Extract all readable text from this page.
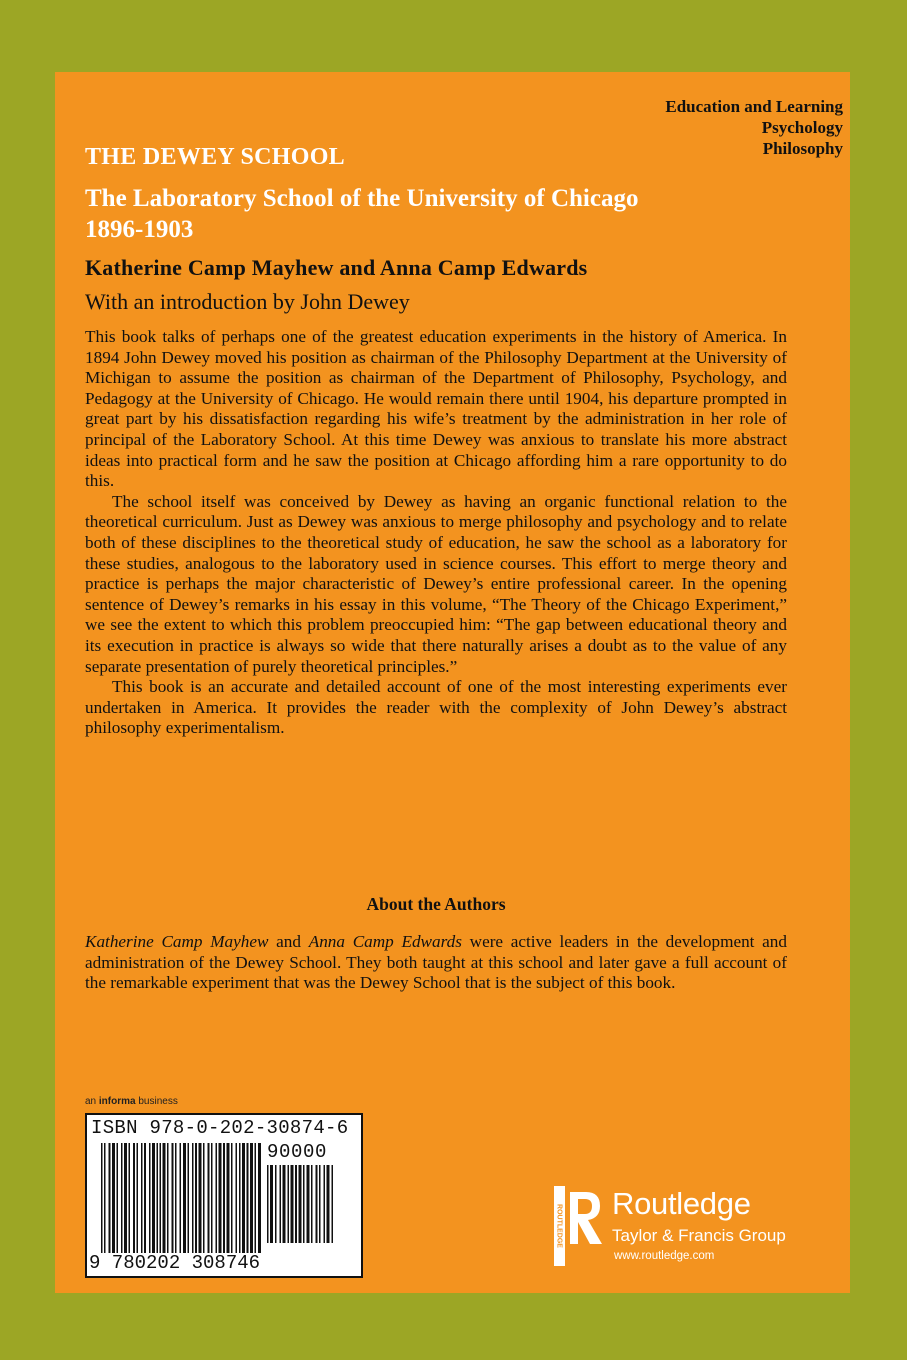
Education and Learning
Psychology
Philosophy
THE DEWEY SCHOOL
The Laboratory School of the University of Chicago 1896-1903
Katherine Camp Mayhew and Anna Camp Edwards
With an introduction by John Dewey

This book talks of perhaps one of the greatest education experiments in the history of America. In 1894 John Dewey moved his position as chairman of the Philosophy Department at the University of Michigan to assume the position as chairman of the Department of Philosophy, Psychology, and Pedagogy at the University of Chicago. He would remain there until 1904, his departure prompted in great part by his dissatisfaction regarding his wife’s treatment by the administration in her role of principal of the Laboratory School. At this time Dewey was anxious to translate his more abstract ideas into practical form and he saw the position at Chicago affording him a rare opportunity to do this.

The school itself was conceived by Dewey as having an organic functional relation to the theoretical curriculum. Just as Dewey was anxious to merge philosophy and psychology and to relate both of these disciplines to the theoretical study of education, he saw the school as a laboratory for these studies, analogous to the laboratory used in science courses. This effort to merge theory and practice is perhaps the major characteristic of Dewey’s entire professional career. In the opening sentence of Dewey’s remarks in his essay in this volume, “The Theory of the Chicago Experiment,” we see the extent to which this problem preoccupied him: “The gap between educational theory and its execution in practice is always so wide that there naturally arises a doubt as to the value of any separate presentation of purely theoretical principles.”

This book is an accurate and detailed account of one of the most interesting experiments ever undertaken in America. It provides the reader with the complexity of John Dewey’s abstract philosophy experimentalism.

About the Authors

Katherine Camp Mayhew and Anna Camp Edwards were active leaders in the development and administration of the Dewey School. They both taught at this school and later gave a full account of the remarkable experiment that was the Dewey School that is the subject of this book.

an informa business
ISBN 978-0-202-30874-6
90000
9 780202 308746
ROUTLEDGE
Routledge
Taylor & Francis Group
www.routledge.com
